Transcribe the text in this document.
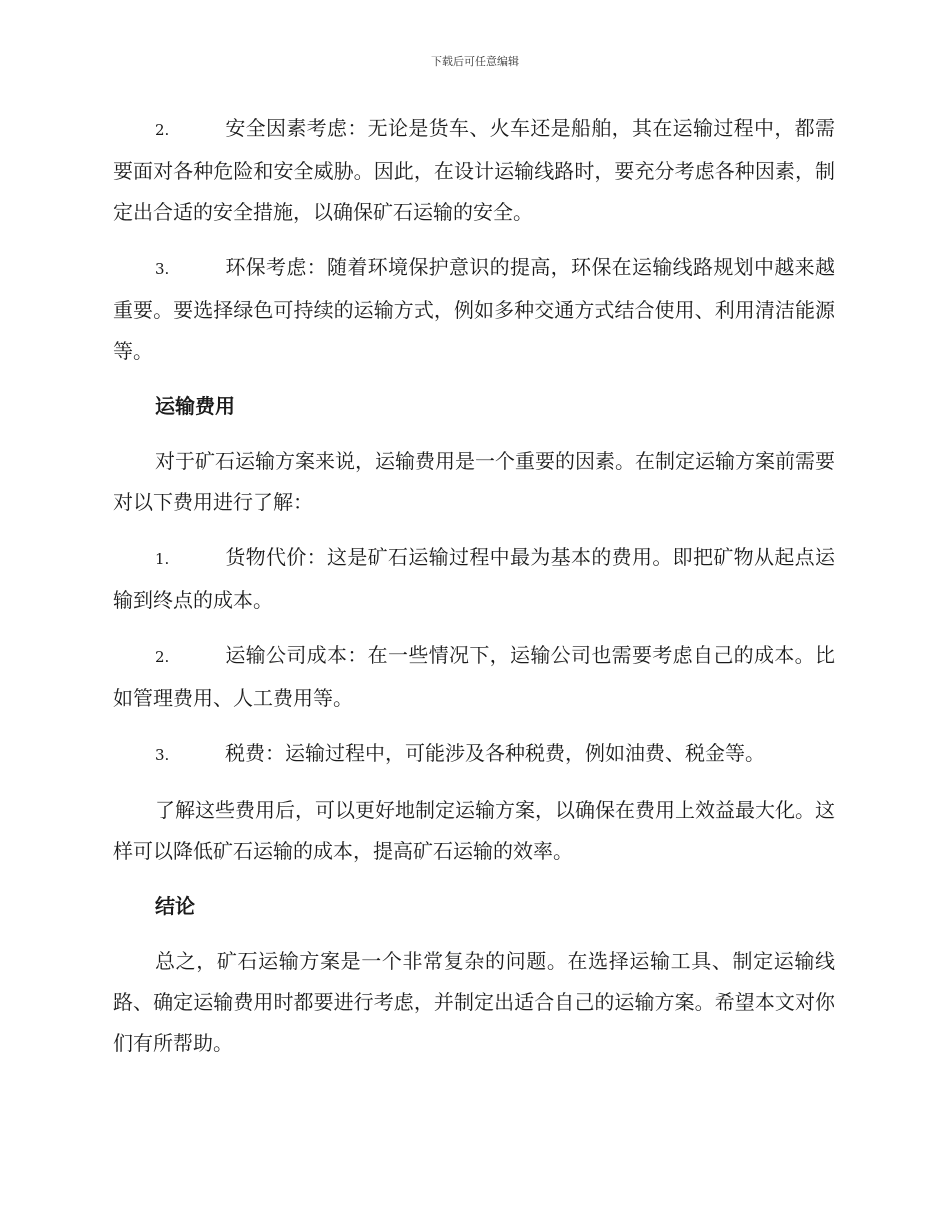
下载后可任意编辑
2.	安全因素考虑：无论是货车、火车还是船舶，其在运输过程中，都需要面对各种危险和安全威胁。因此，在设计运输线路时，要充分考虑各种因素，制定出合适的安全措施，以确保矿石运输的安全。
3.	环保考虑：随着环境保护意识的提高，环保在运输线路规划中越来越重要。要选择绿色可持续的运输方式，例如多种交通方式结合使用、利用清洁能源等。
运输费用
对于矿石运输方案来说，运输费用是一个重要的因素。在制定运输方案前需要对以下费用进行了解：
1.	货物代价：这是矿石运输过程中最为基本的费用。即把矿物从起点运输到终点的成本。
2.	运输公司成本：在一些情况下，运输公司也需要考虑自己的成本。比如管理费用、人工费用等。
3.	税费：运输过程中，可能涉及各种税费，例如油费、税金等。
了解这些费用后，可以更好地制定运输方案，以确保在费用上效益最大化。这样可以降低矿石运输的成本，提高矿石运输的效率。
结论
总之，矿石运输方案是一个非常复杂的问题。在选择运输工具、制定运输线路、确定运输费用时都要进行考虑，并制定出适合自己的运输方案。希望本文对你们有所帮助。
